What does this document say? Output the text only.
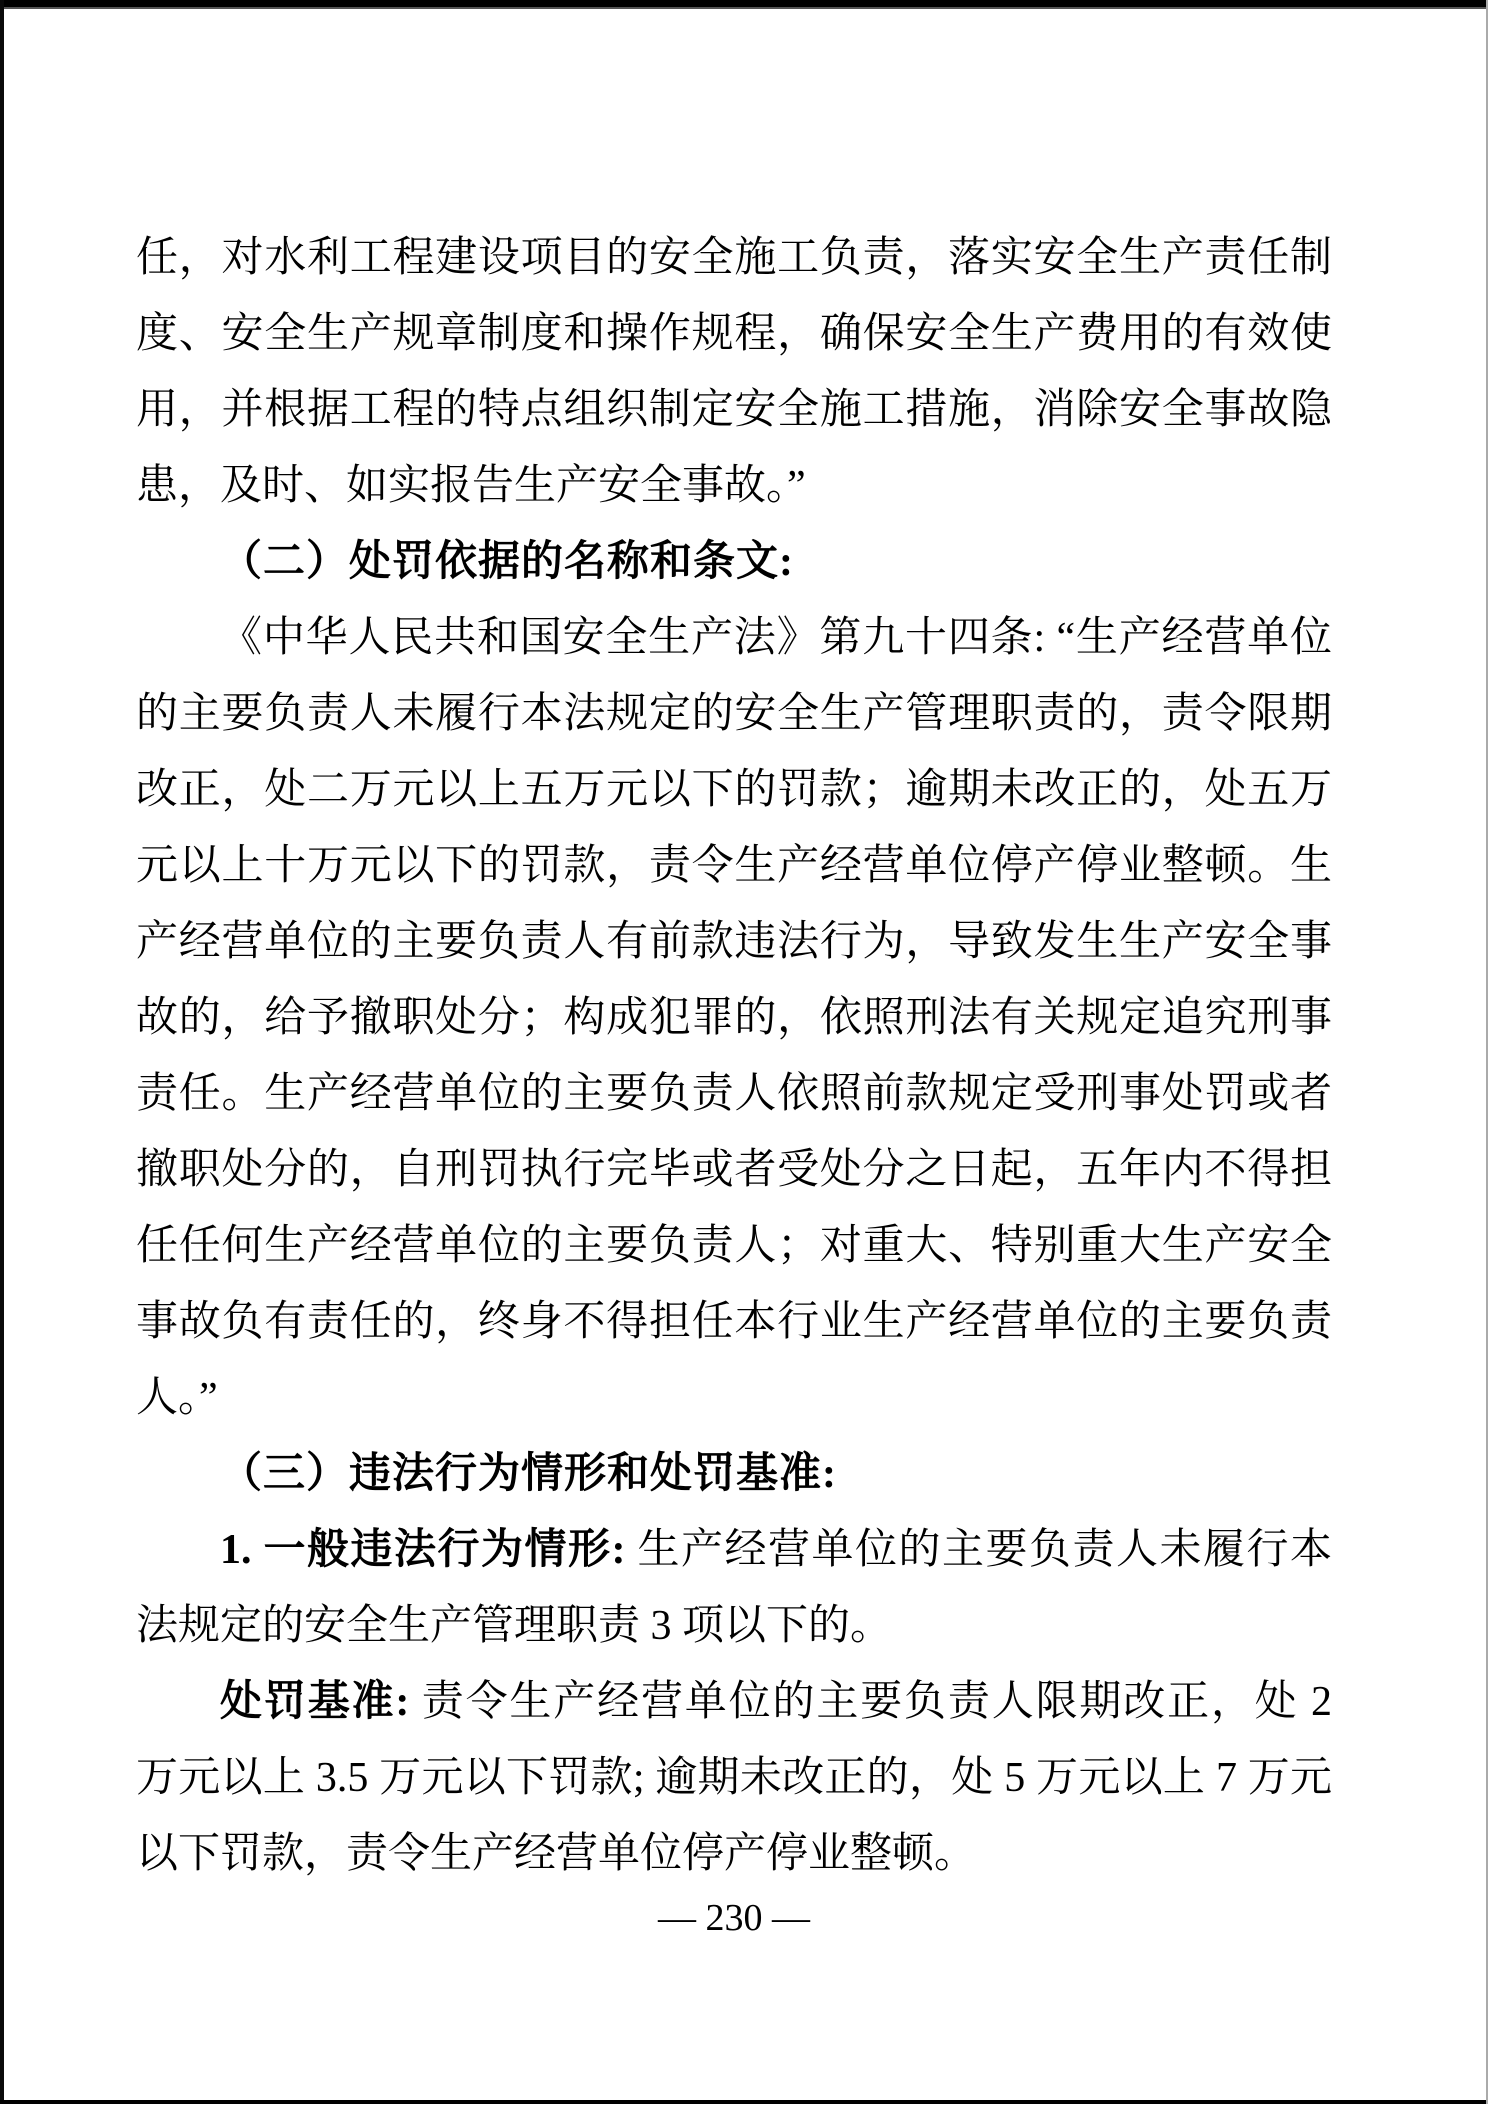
任，对水利工程建设项目的安全施工负责，落实安全生产责任制度、安全生产规章制度和操作规程，确保安全生产费用的有效使用，并根据工程的特点组织制定安全施工措施，消除安全事故隐患，及时、如实报告生产安全事故。”

（二）处罚依据的名称和条文:

《中华人民共和国安全生产法》第九十四条: “生产经营单位的主要负责人未履行本法规定的安全生产管理职责的，责令限期改正，处二万元以上五万元以下的罚款；逾期未改正的，处五万元以上十万元以下的罚款，责令生产经营单位停产停业整顿。生产经营单位的主要负责人有前款违法行为，导致发生生产安全事故的，给予撤职处分；构成犯罪的，依照刑法有关规定追究刑事责任。生产经营单位的主要负责人依照前款规定受刑事处罚或者撤职处分的，自刑罚执行完毕或者受处分之日起，五年内不得担任任何生产经营单位的主要负责人；对重大、特别重大生产安全事故负有责任的，终身不得担任本行业生产经营单位的主要负责人。”

（三）违法行为情形和处罚基准:

1. 一般违法行为情形: 生产经营单位的主要负责人未履行本法规定的安全生产管理职责 3 项以下的。

处罚基准: 责令生产经营单位的主要负责人限期改正，处 2 万元以上 3.5 万元以下罚款; 逾期未改正的，处 5 万元以上 7 万元以下罚款，责令生产经营单位停产停业整顿。

— 230 —
